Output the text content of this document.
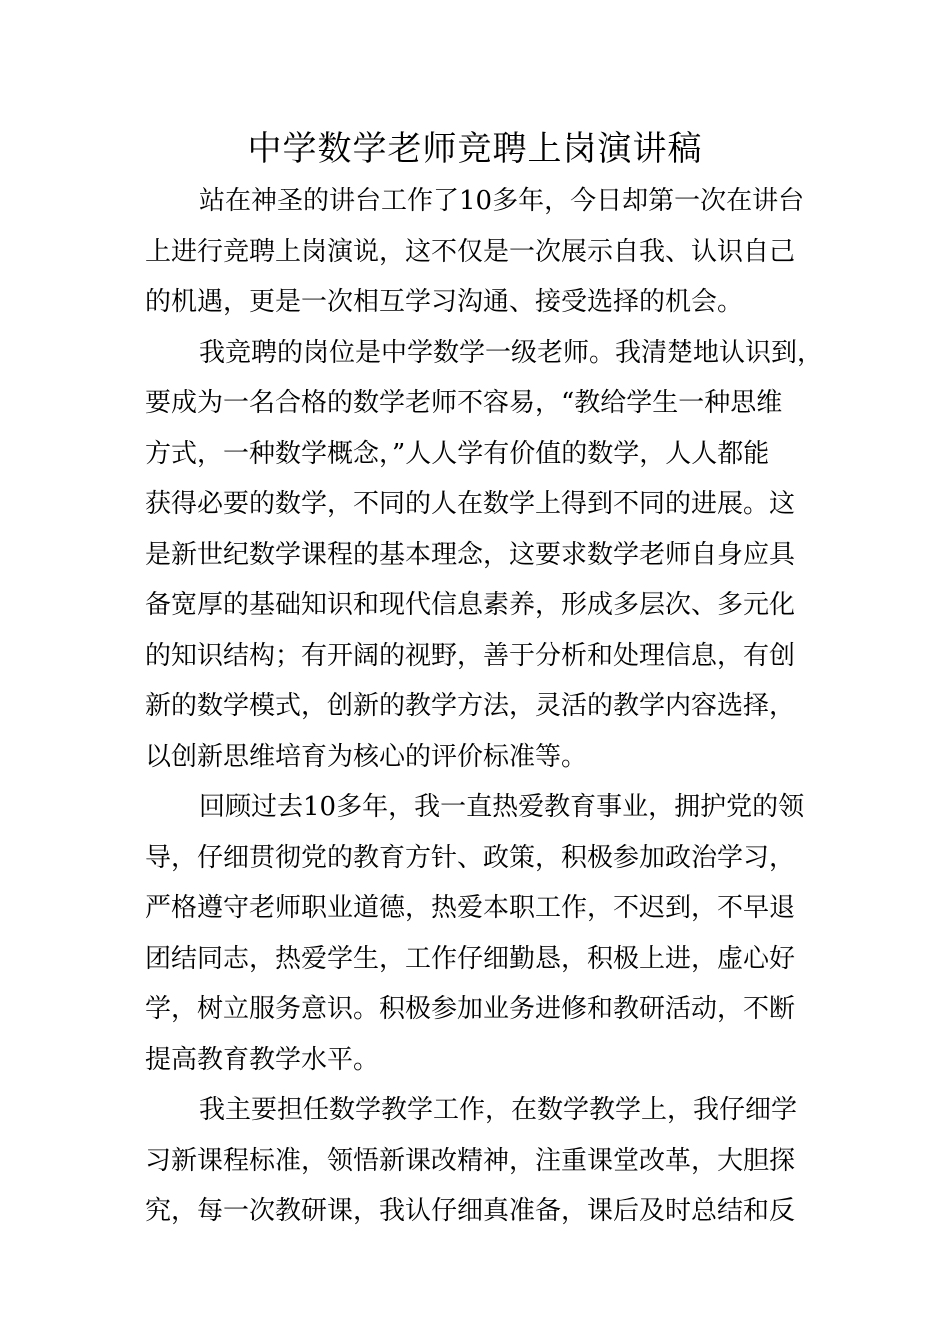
中学数学老师竞聘上岗演讲稿
站在神圣的讲台工作了10多年，今日却第一次在讲台
上进行竞聘上岗演说，这不仅是一次展示自我、认识自己
的机遇，更是一次相互学习沟通、接受选择的机会。
我竞聘的岗位是中学数学一级老师。我清楚地认识到，
要成为一名合格的数学老师不容易，“教给学生一种思维
方式，一种数学概念，”人人学有价值的数学，人人都能
获得必要的数学，不同的人在数学上得到不同的进展。这
是新世纪数学课程的基本理念，这要求数学老师自身应具
备宽厚的基础知识和现代信息素养，形成多层次、多元化
的知识结构；有开阔的视野，善于分析和处理信息，有创
新的数学模式，创新的教学方法，灵活的教学内容选择，
以创新思维培育为核心的评价标准等。
回顾过去10多年，我一直热爱教育事业，拥护党的领
导，仔细贯彻党的教育方针、政策，积极参加政治学习，
严格遵守老师职业道德，热爱本职工作，不迟到，不早退
团结同志，热爱学生，工作仔细勤恳，积极上进，虚心好
学，树立服务意识。积极参加业务进修和教研活动，不断
提高教育教学水平。
我主要担任数学教学工作，在数学教学上，我仔细学
习新课程标准，领悟新课改精神，注重课堂改革，大胆探
究，每一次教研课，我认仔细真准备，课后及时总结和反
